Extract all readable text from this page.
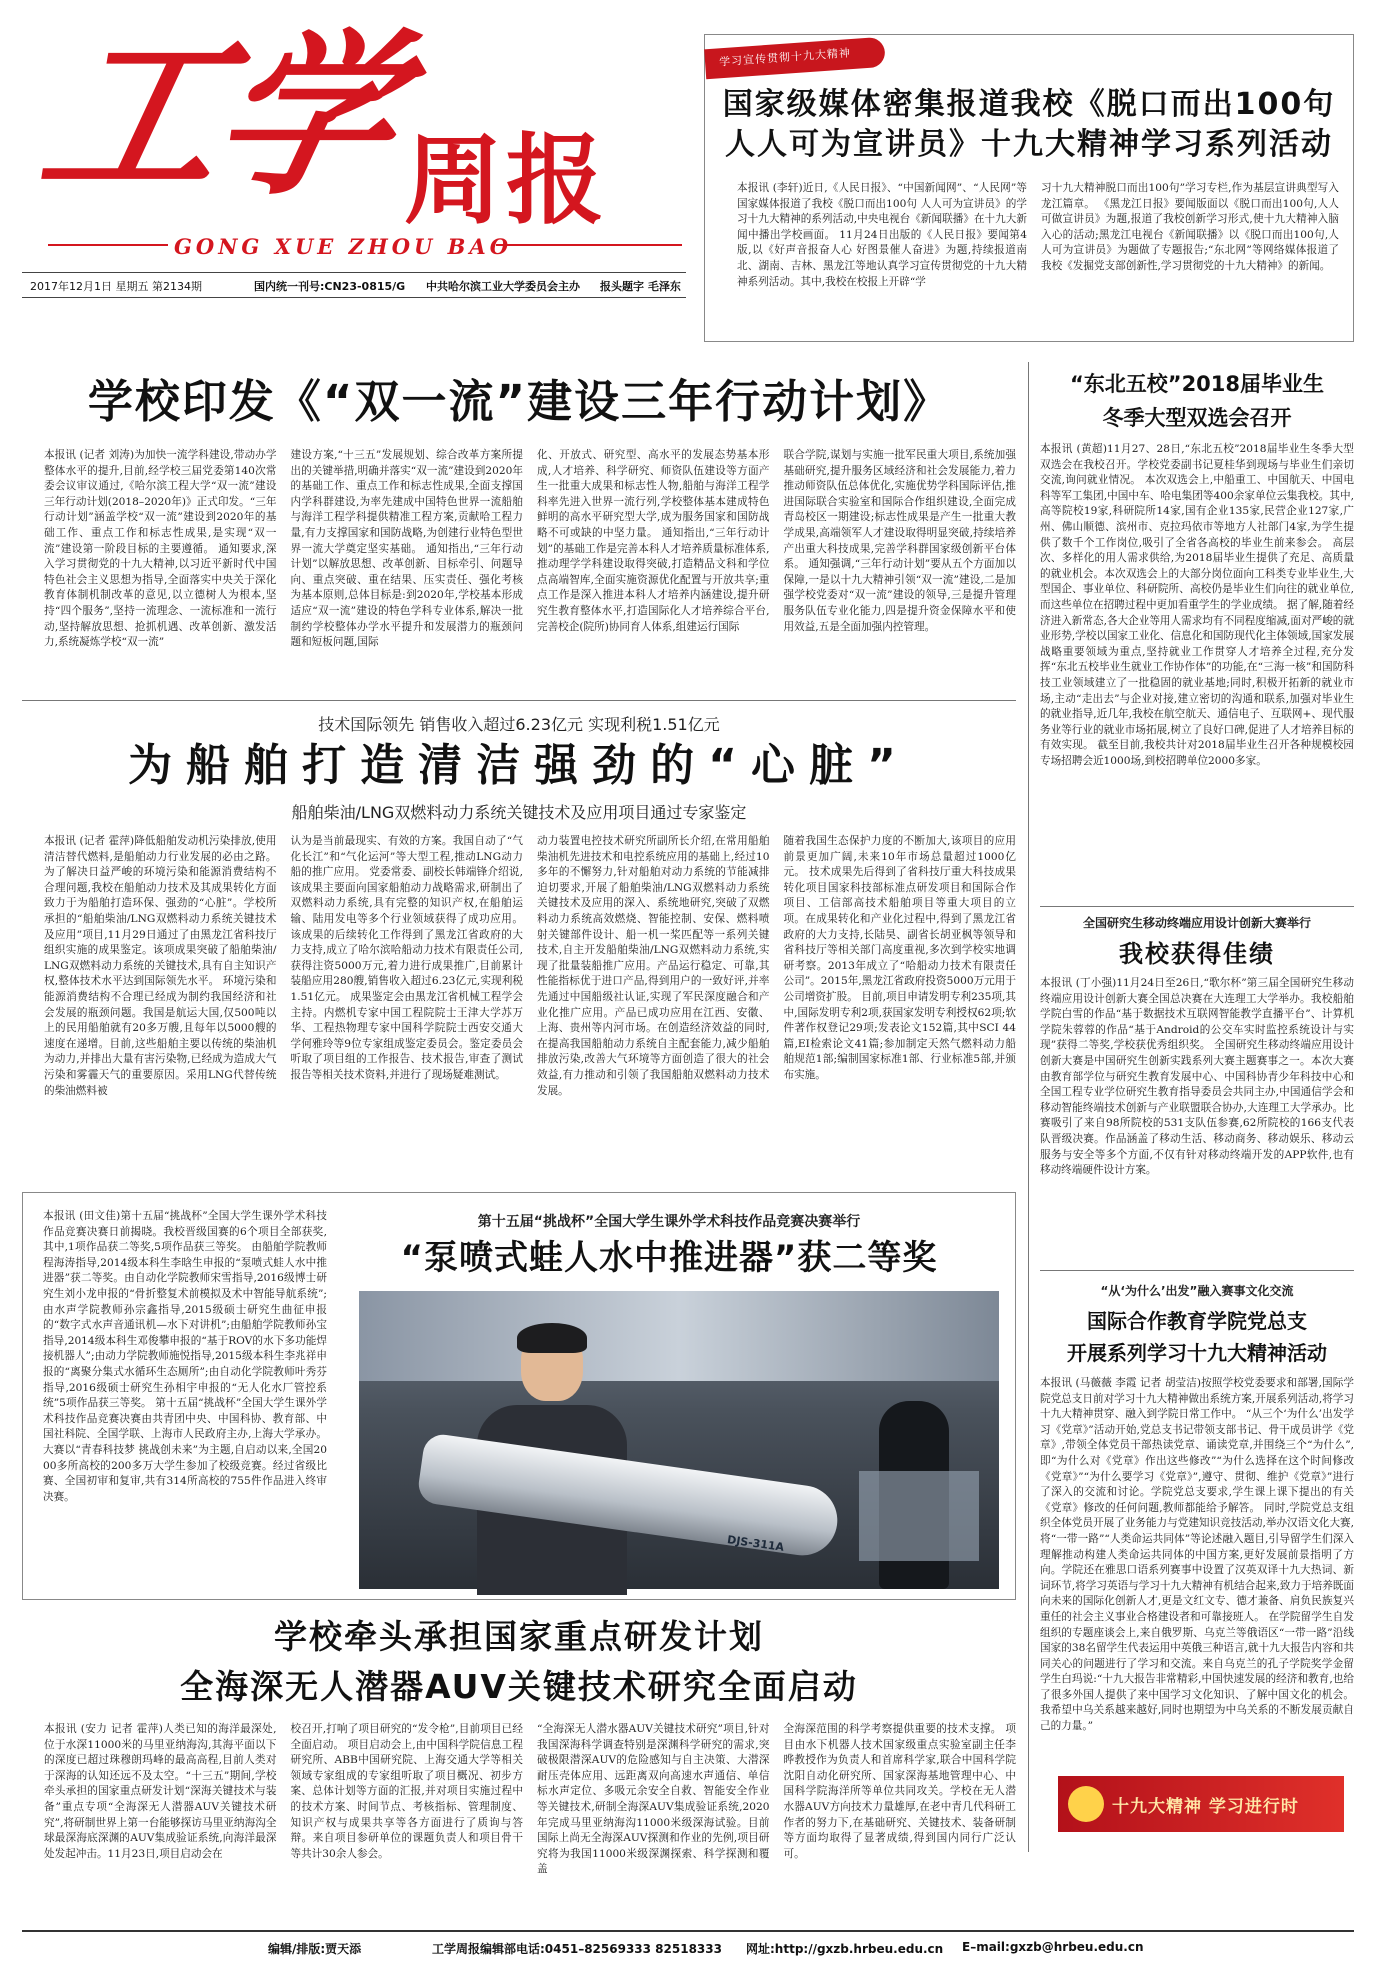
工学
周报
GONG XUE ZHOU BAO
2017年12月1日 星期五 第2134期	国内统一刊号:CN23-0815/G 中共哈尔滨工业大学委员会主办 报头题字 毛泽东
学习宣传贯彻十九大精神
国家级媒体密集报道我校《脱口而出100句
人人可为宣讲员》十九大精神学习系列活动
本报讯 (李轩)近日,《人民日报》、“中国新闻网”、“人民网”等国家媒体报道了我校《脱口而出100句 人人可为宣讲员》的学习十九大精神的系列活动,中央电视台《新闻联播》在十九大新闻中播出学校画面。 11月24日出版的《人民日报》要闻第4版,以《好声音报奋人心 好图景催人奋进》为题,持续报道南北、湖南、吉林、黑龙江等地认真学习宣传贯彻党的十九大精神系列活动。其中,我校在校报上开辟“学
习十九大精神脱口而出100句”学习专栏,作为基层宣讲典型写入龙江篇章。 《黑龙江日报》要闻版面以《脱口而出100句,人人可做宣讲员》为题,报道了我校创新学习形式,使十九大精神入脑入心的活动;黑龙江电视台《新闻联播》以《脱口而出100句,人人可为宣讲员》为题做了专题报告;“东北网”等网络媒体报道了我校《发掘党支部创新性,学习贯彻党的十九大精神》的新闻。
学校印发《“双一流”建设三年行动计划》
本报讯 (记者 刘涛)为加快一流学科建设,带动办学整体水平的提升,目前,经学校三届党委第140次常委会议审议通过,《哈尔滨工程大学“双一流”建设三年行动计划(2018–2020年)》正式印发。“三年行动计划”涵盖学校“双一流”建设到2020年的基础工作、重点工作和标志性成果,是实现“双一流”建设第一阶段目标的主要遵循。 通知要求,深入学习贯彻党的十九大精神,以习近平新时代中国特色社会主义思想为指导,全面落实中央关于深化教育体制机制改革的意见,以立德树人为根本,坚持“四个服务”,坚持一流理念、一流标准和一流行动,坚持解放思想、抢抓机遇、改革创新、激发活力,系统凝炼学校“双一流”
建设方案,“十三五”发展规划、综合改革方案所提出的关键举措,明确并落实“双一流”建设到2020年的基础工作、重点工作和标志性成果,全面支撑国内学科群建设,为率先建成中国特色世界一流船舶与海洋工程学科提供精准工程方案,贡献哈工程力量,有力支撑国家和国防战略,为创建行业特色型世界一流大学奠定坚实基础。 通知指出,“三年行动计划”以解放思想、改革创新、目标牵引、问题导向、重点突破、重在结果、压实责任、强化考核为基本原则,总体目标是:到2020年,学校基本形成适应“双一流”建设的特色学科专业体系,解决一批制约学校整体办学水平提升和发展潜力的瓶颈问题和短板问题,国际
化、开放式、研究型、高水平的发展态势基本形成,人才培养、科学研究、师资队伍建设等方面产生一批重大成果和标志性人物,船舶与海洋工程学科率先进入世界一流行列,学校整体基本建成特色鲜明的高水平研究型大学,成为服务国家和国防战略不可或缺的中坚力量。 通知指出,“三年行动计划”的基础工作是完善本科人才培养质量标准体系,推动理学学科建设取得突破,打造精品文科和学位点高端智库,全面实施资源优化配置与开放共享;重点工作是深入推进本科人才培养内涵建设,提升研究生教育整体水平,打造国际化人才培养综合平台,完善校企(院所)协同育人体系,组建运行国际
联合学院,谋划与实施一批军民重大项目,系统加强基础研究,提升服务区域经济和社会发展能力,着力推动师资队伍总体优化,实施优势学科国际评估,推进国际联合实验室和国际合作组织建设,全面完成青岛校区一期建设;标志性成果是产生一批重大教学成果,高端领军人才建设取得明显突破,持续培养产出重大科技成果,完善学科群国家级创新平台体系。 通知强调,“三年行动计划”要从五个方面加以保障,一是以十九大精神引领“双一流”建设,二是加强学校党委对“双一流”建设的领导,三是提升管理服务队伍专业化能力,四是提升资金保障水平和使用效益,五是全面加强内控管理。
技术国际领先 销售收入超过6.23亿元 实现利税1.51亿元
为船舶打造清洁强劲的“心脏”
船舶柴油/LNG双燃料动力系统关键技术及应用项目通过专家鉴定
本报讯 (记者 霍萍)降低船舶发动机污染排放,使用清洁替代燃料,是船舶动力行业发展的必由之路。为了解决日益严峻的环境污染和能源消费结构不合理问题,我校在船舶动力技术及其成果转化方面致力于为船舶打造环保、强劲的“心脏”。学校所承担的“船舶柴油/LNG双燃料动力系统关键技术及应用”项目,11月29日通过了由黑龙江省科技厅组织实施的成果鉴定。该项成果突破了船舶柴油/LNG双燃料动力系统的关键技术,具有自主知识产权,整体技术水平达到国际领先水平。 环境污染和能源消费结构不合理已经成为制约我国经济和社会发展的瓶颈问题。我国是航运大国,仅500吨以上的民用船舶就有20多万艘,且每年以5000艘的速度在递增。目前,这些船舶主要以传统的柴油机为动力,并排出大量有害污染物,已经成为造成大气污染和雾霾天气的重要原因。采用LNG代替传统的柴油燃料被
认为是当前最现实、有效的方案。我国自动了“气化长江”和“气化运河”等大型工程,推动LNG动力船的推广应用。 党委常委、副校长韩端锋介绍说,该成果主要面向国家船舶动力战略需求,研制出了双燃料动力系统,具有完整的知识产权,在船舶运输、陆用发电等多个行业领域获得了成功应用。该成果的后续转化工作得到了黑龙江省政府的大力支持,成立了哈尔滨哈船动力技术有限责任公司,获得注资5000万元,着力进行成果推广,目前累计装船应用280艘,销售收入超过6.23亿元,实现利税1.51亿元。 成果鉴定会由黑龙江省机械工程学会主持。内燃机专家中国工程院院士王津大学苏万华、工程热物理专家中国科学院院士西安交通大学何雅玲等9位专家组成鉴定委员会。鉴定委员会听取了项目组的工作报告、技术报告,审查了测试报告等相关技术资料,并进行了现场疑难测试。
动力装置电控技术研究所副所长介绍,在常用船舶柴油机先进技术和电控系统应用的基础上,经过10多年的不懈努力,针对船舶对动力系统的节能减排迫切要求,开展了船舶柴油/LNG双燃料动力系统关键技术及应用的深入、系统地研究,突破了双燃料动力系统高效燃烧、智能控制、安保、燃料喷射关键部件设计、船一机一桨匹配等一系列关键技术,自主开发船舶柴油/LNG双燃料动力系统,实现了批量装船推广应用。产品运行稳定、可靠,其性能指标优于进口产品,得到用户的一致好评,并率先通过中国船级社认证,实现了军民深度融合和产业化推广应用。产品已成功应用在江西、安徽、上海、贵州等内河市场。在创造经济效益的同时,在提高我国船舶动力系统自主配套能力,减少船舶排放污染,改善大气环境等方面创造了很大的社会效益,有力推动和引领了我国船舶双燃料动力技术发展。
随着我国生态保护力度的不断加大,该项目的应用前景更加广阔,未来10年市场总量超过1000亿元。 技术成果先后得到了省科技厅重大科技成果转化项目国家科技部标准点研发项目和国际合作项目、工信部高技术船舶项目等重大项目的立项。在成果转化和产业化过程中,得到了黑龙江省政府的大力支持,长陆昊、副省长胡亚枫等领导和省科技厅等相关部门高度重视,多次到学校实地调研考察。2013年成立了“哈船动力技术有限责任公司”。2015年,黑龙江省政府投资5000万元用于公司增资扩股。 目前,项目申请发明专利235项,其中,国际发明专利2项,获国家发明专利授权62项;软件著作权登记29项;发表论文152篇,其中SCI 44篇,EI检索论文41篇;参加制定天然气燃料动力船舶规范1部;编制国家标准1部、行业标准5部,并颁布实施。
“东北五校”2018届毕业生
冬季大型双选会召开
本报讯 (黄超)11月27、28日,“东北五校”2018届毕业生冬季大型双选会在我校召开。学校党委副书记夏桂华到现场与毕业生们亲切交流,询问就业情况。 本次双选会上,中船重工、中国航天、中国电科等军工集团,中国中车、哈电集团等400余家单位云集我校。其中,高等院校19家,科研院所14家,国有企业135家,民营企业127家,广州、佛山顺德、滨州市、克拉玛依市等地方人社部门4家,为学生提供了数千个工作岗位,吸引了全省各高校的毕业生前来参会。 高层次、多样化的用人需求供给,为2018届毕业生提供了充足、高质量的就业机会。本次双选会上的大部分岗位面向工科类专业毕业生,大型国企、事业单位、科研院所、高校仍是毕业生们向往的就业单位,而这些单位在招聘过程中更加看重学生的学业成绩。 据了解,随着经济进入新常态,各大企业等用人需求均有不同程度缩减,面对严峻的就业形势,学校以国家工业化、信息化和国防现代化主体领域,国家发展战略重要领域为重点,坚持就业工作贯穿人才培养全过程,充分发挥“东北五校毕业生就业工作协作体”的功能,在“三海一核”和国防科技工业领域建立了一批稳固的就业基地;同时,积极开拓新的就业市场,主动“走出去”与企业对接,建立密切的沟通和联系,加强对毕业生的就业指导,近几年,我校在航空航天、通信电子、互联网+、现代服务业等行业的就业市场拓展,树立了良好口碑,促进了人才培养目标的有效实现。 截至目前,我校共计对2018届毕业生召开各种规模校园专场招聘会近1000场,到校招聘单位2000多家。
全国研究生移动终端应用设计创新大赛举行
我校获得佳绩
本报讯 (丁小强)11月24日至26日,“歌尔杯”第三届全国研究生移动终端应用设计创新大赛全国总决赛在大连理工大学举办。我校船舶学院白雪的作品“基于数据技术互联网智能教学直播平台”、计算机学院朱蓉蓉的作品“基于Android的公交车实时监控系统设计与实现”获得二等奖,学校获优秀组织奖。 全国研究生移动终端应用设计创新大赛是中国研究生创新实践系列大赛主题赛事之一。本次大赛由教育部学位与研究生教育发展中心、中国科协青少年科技中心和全国工程专业学位研究生教育指导委员会共同主办,中国通信学会和移动智能终端技术创新与产业联盟联合协办,大连理工大学承办。比赛吸引了来自98所院校的531支队伍参赛,62所院校的166支代表队晋级决赛。作品涵盖了移动生活、移动商务、移动娱乐、移动云服务与安全等多个方面,不仅有针对移动终端开发的APP软件,也有移动终端硬件设计方案。
“从‘为什么’出发”融入赛事文化交流
国际合作教育学院党总支
开展系列学习十九大精神活动
本报讯 (马薇薇 李霞 记者 胡莹洁)按照学校党委要求和部署,国际学院党总支日前对学习十九大精神做出系统方案,开展系列活动,将学习十九大精神贯穿、融入到学院日常工作中。 “从三个‘为什么’出发学习《党章》”活动开始,党总支书记带领支部书记、骨干成员讲学《党章》,带领全体党员干部热读党章、诵读党章,并围绕三个“为什么”,即“为什么对《党章》作出这些修改”“为什么选择在这个时间修改《党章》”“为什么要学习《党章》”,遵守、贯彻、维护《党章》”进行了深入的交流和讨论。学院党总支要求,学生课上课下提出的有关《党章》修改的任何问题,教师都能给予解答。 同时,学院党总支组织全体党员开展了业务能力与党建知识竞技活动,举办汉语文化大赛,将“一带一路”“人类命运共同体”等论述融入题目,引导留学生们深入理解推动构建人类命运共同体的中国方案,更好发展前景指明了方向。学院还在雅思口语系列赛事中设置了汉英双译十九大热词、新词环节,将学习英语与学习十九大精神有机结合起来,致力于培养既面向未来的国际化创新人才,更是文红文专、德才兼备、肩负民族复兴重任的社会主义事业合格建设者和可靠接班人。 在学院留学生自发组织的专题座谈会上,来自俄罗斯、乌克兰等俄语区“一带一路”沿线国家的38名留学生代表运用中英俄三种语言,就十九大报告内容和共同关心的问题进行了学习和交流。来自乌克兰的孔子学院奖学金留学生白玛说:“十九大报告非常精彩,中国快速发展的经济和教育,也给了很多外国人提供了来中国学习文化知识、了解中国文化的机会。我希望中乌关系越来越好,同时也期望为中乌关系的不断发展贡献自己的力量。”
十九大精神 学习进行时
本报讯 (田文佳)第十五届“挑战杯”全国大学生课外学术科技作品竞赛决赛日前揭晓。我校晋级国赛的6个项目全部获奖,其中,1项作品获二等奖,5项作品获三等奖。 由船舶学院教师程海涛指导,2014级本科生李晗生申报的“泵喷式蛙人水中推进器”获二等奖。由自动化学院教师宋雪指导,2016级博士研究生刘小龙申报的“骨折整复术前模拟及术中智能导航系统”;由水声学院教师孙宗鑫指导,2015级硕士研究生曲征申报的“数字式水声音通讯机—水下对讲机”;由船舶学院教师孙宝指导,2014级本科生邓俊攀申报的“基于ROV的水下多功能焊接机器人”;由动力学院教师施悦指导,2015级本科生李兆祥申报的“离聚分集式水循环生态厕所”;由自动化学院教师叶秀芬指导,2016级硕士研究生孙相宇申报的“无人化水厂管控系统”5项作品获三等奖。 第十五届“挑战杯”全国大学生课外学术科技作品竞赛决赛由共青团中央、中国科协、教育部、中国社科院、全国学联、上海市人民政府主办,上海大学承办。大赛以“青春科技梦 挑战创未来”为主题,自启动以来,全国2000多所高校的200多万大学生参加了校级竞赛。经过省级比赛、全国初审和复审,共有314所高校的755件作品进入终审决赛。
第十五届“挑战杯”全国大学生课外学术科技作品竞赛决赛举行
“泵喷式蛙人水中推进器”获二等奖
DJS-311A
学校牵头承担国家重点研发计划
全海深无人潜器AUV关键技术研究全面启动
本报讯 (安力 记者 霍萍)人类已知的海洋最深处,位于水深11000米的马里亚纳海沟,其海平面以下的深度已超过珠穆朗玛峰的最高高程,目前人类对于深海的认知还远不及太空。“十三五”期间,学校牵头承担的国家重点研发计划“深海关键技术与装备”重点专项“全海深无人潜器AUV关键技术研究”,将研制世界上第一台能够探访马里亚纳海沟全球最深海底深渊的AUV集成验证系统,向海洋最深处发起冲击。11月23日,项目启动会在
校召开,打响了项目研究的“发令枪”,目前项目已经全面启动。 项目启动会上,由中国科学院信息工程研究所、ABB中国研究院、上海交通大学等相关领域专家组成的专家组听取了项目概况、初步方案、总体计划等方面的汇报,并对项目实施过程中的技术方案、时间节点、考核指标、管理制度、知识产权与成果共享等各方面进行了质询与答辩。来自项目参研单位的课题负责人和项目骨干等共计30余人参会。
“全海深无人潜水器AUV关键技术研究”项目,针对我国深海科学调查特别是深渊科学研究的需求,突破极限潜深AUV的危险感知与自主决策、大潜深耐压壳体应用、远距离双向高速水声通信、单信标水声定位、多吸元余安全自救、智能安全作业等关键技术,研制全海深AUV集成验证系统,2020年完成马里亚纳海沟11000米级深海试验。目前国际上尚无全海深AUV探测和作业的先例,项目研究将为我国11000米级深渊探索、科学探测和覆盖
全海深范围的科学考察提供重要的技术支撑。 项目由水下机器人技术国家级重点实验室副主任李晔教授作为负责人和首席科学家,联合中国科学院沈阳自动化研究所、国家深海基地管理中心、中国科学院海洋所等单位共同攻关。学校在无人潜水器AUV方向技术力量雄厚,在老中青几代科研工作者的努力下,在基础研究、关键技术、装备研制等方面均取得了显著成绩,得到国内同行广泛认可。
编辑/排版:贾天添	工学周报编辑部电话:0451–82569333 82518333 网址:http://gxzb.hrbeu.edu.cn E–mail:gxzb@hrbeu.edu.cn
